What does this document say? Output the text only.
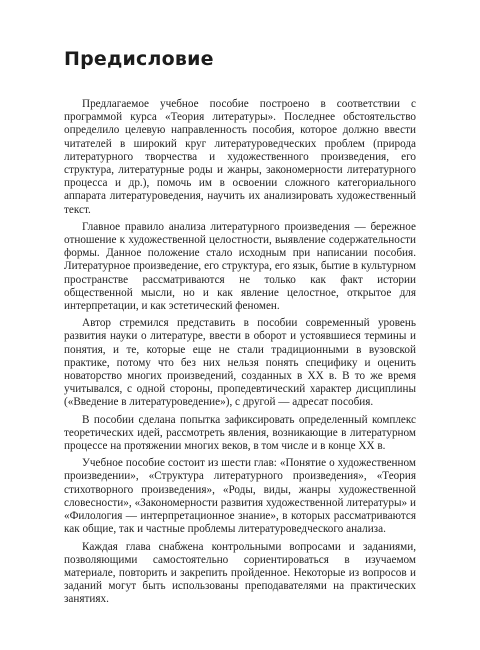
Предисловие

Предлагаемое учебное пособие построено в соответствии с программой курса «Теория литературы». Последнее обстоятельство определило целевую направленность пособия, которое должно ввести читателей в широкий круг литературоведческих проблем (природа литературного творчества и художественного произведения, его структура, литературные роды и жанры, закономерности литературного процесса и др.), помочь им в освоении сложного категориального аппарата литературоведения, научить их анализировать художественный текст.

Главное правило анализа литературного произведения — бережное отношение к художественной целостности, выявление содержательности формы. Данное положение стало исходным при написании пособия. Литературное произведение, его структура, его язык, бытие в культурном пространстве рассматриваются не только как факт истории общественной мысли, но и как явление целостное, открытое для интерпретации, и как эстетический феномен.

Автор стремился представить в пособии современный уровень развития науки о литературе, ввести в оборот и устоявшиеся термины и понятия, и те, которые еще не стали традиционными в вузовской практике, потому что без них нельзя понять специфику и оценить новаторство многих произведений, созданных в XX в. В то же время учитывался, с одной стороны, пропедевтический характер дисциплины («Введение в литературоведение»), с другой — адресат пособия.

В пособии сделана попытка зафиксировать определенный комплекс теоретических идей, рассмотреть явления, возникающие в литературном процессе на протяжении многих веков, в том числе и в конце XX в.

Учебное пособие состоит из шести глав: «Понятие о художественном произведении», «Структура литературного произведения», «Теория стихотворного произведения», «Роды, виды, жанры художественной словесности», «Закономерности развития художественной литературы» и «Филология — интерпретационное знание», в которых рассматриваются как общие, так и частные проблемы литературоведческого анализа.

Каждая глава снабжена контрольными вопросами и заданиями, позволяющими самостоятельно сориентироваться в изучаемом материале, повторить и закрепить пройденное. Некоторые из вопросов и заданий могут быть использованы преподавателями на практических занятиях.
